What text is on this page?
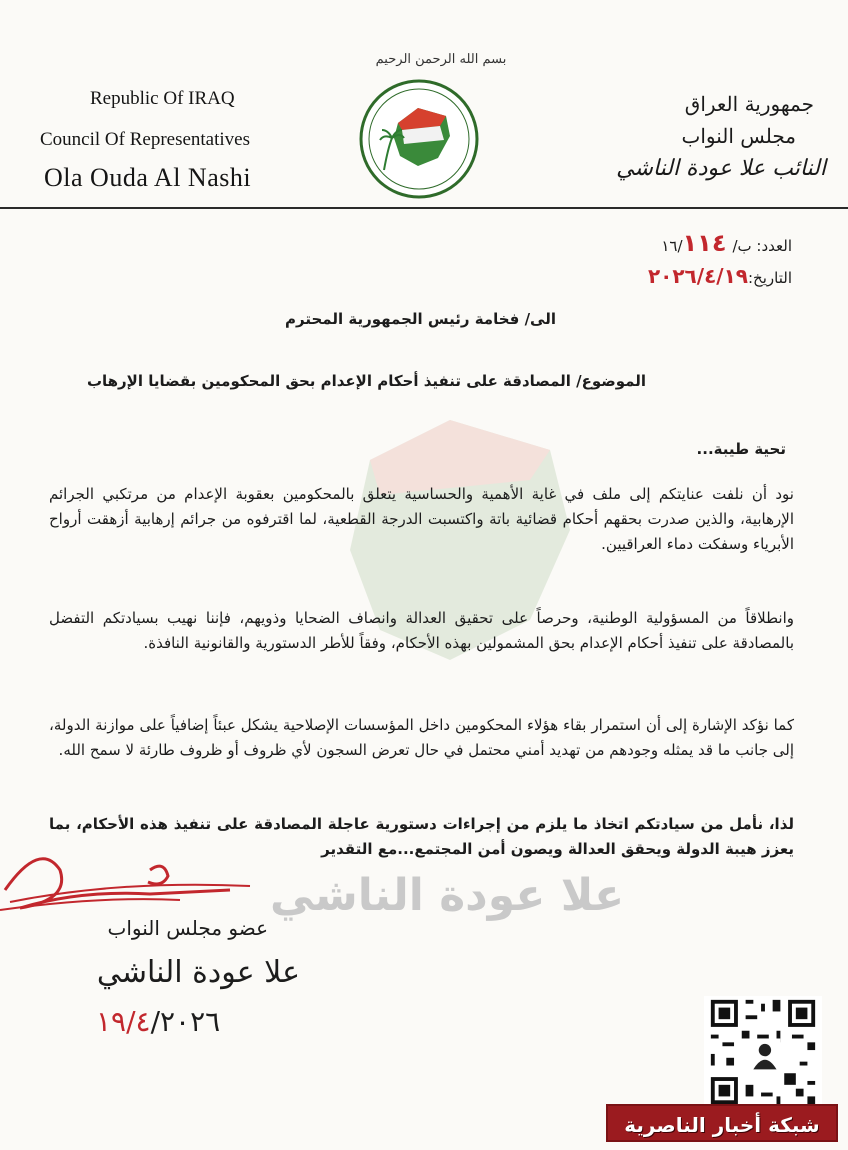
Republic Of IRAQ
Council Of Representatives
Ola Ouda Al Nashi
بسم الله الرحمن الرحيم
جمهورية العراق
مجلس النواب
النائب علا عودة الناشي
العدد: ب/١٦/١١٤
التاريخ:٢٠٢٦/٤/١٩
الى/ فخامة رئيس الجمهورية المحترم
الموضوع/ المصادقة على تنفيذ أحكام الإعدام بحق المحكومين بقضايا الإرهاب
تحية طيبة...
نود أن نلفت عنايتكم إلى ملف في غاية الأهمية والحساسية يتعلق بالمحكومين بعقوبة الإعدام من مرتكبي الجرائم الإرهابية، والذين صدرت بحقهم أحكام قضائية باتة واكتسبت الدرجة القطعية، لما اقترفوه من جرائم إرهابية أزهقت أرواح الأبرياء وسفكت دماء العراقيين.
وانطلاقاً من المسؤولية الوطنية، وحرصاً على تحقيق العدالة وانصاف الضحايا وذويهم، فإننا نهيب بسيادتكم التفضل بالمصادقة على تنفيذ أحكام الإعدام بحق المشمولين بهذه الأحكام، وفقاً للأطر الدستورية والقانونية النافذة.
كما نؤكد الإشارة إلى أن استمرار بقاء هؤلاء المحكومين داخل المؤسسات الإصلاحية يشكل عبئاً إضافياً على موازنة الدولة، إلى جانب ما قد يمثله وجودهم من تهديد أمني محتمل في حال تعرض السجون لأي ظروف أو ظروف طارئة لا سمح الله.
لذا، نأمل من سيادتكم اتخاذ ما يلزم من إجراءات دستورية عاجلة المصادقة على تنفيذ هذه الأحكام، بما يعزز هيبة الدولة ويحقق العدالة ويصون أمن المجتمع...مع التقدير
علا عودة الناشي
عضو مجلس النواب
علا عودة الناشي
١٩/٤/٢٠٢٦
شبكة أخبار الناصرية
